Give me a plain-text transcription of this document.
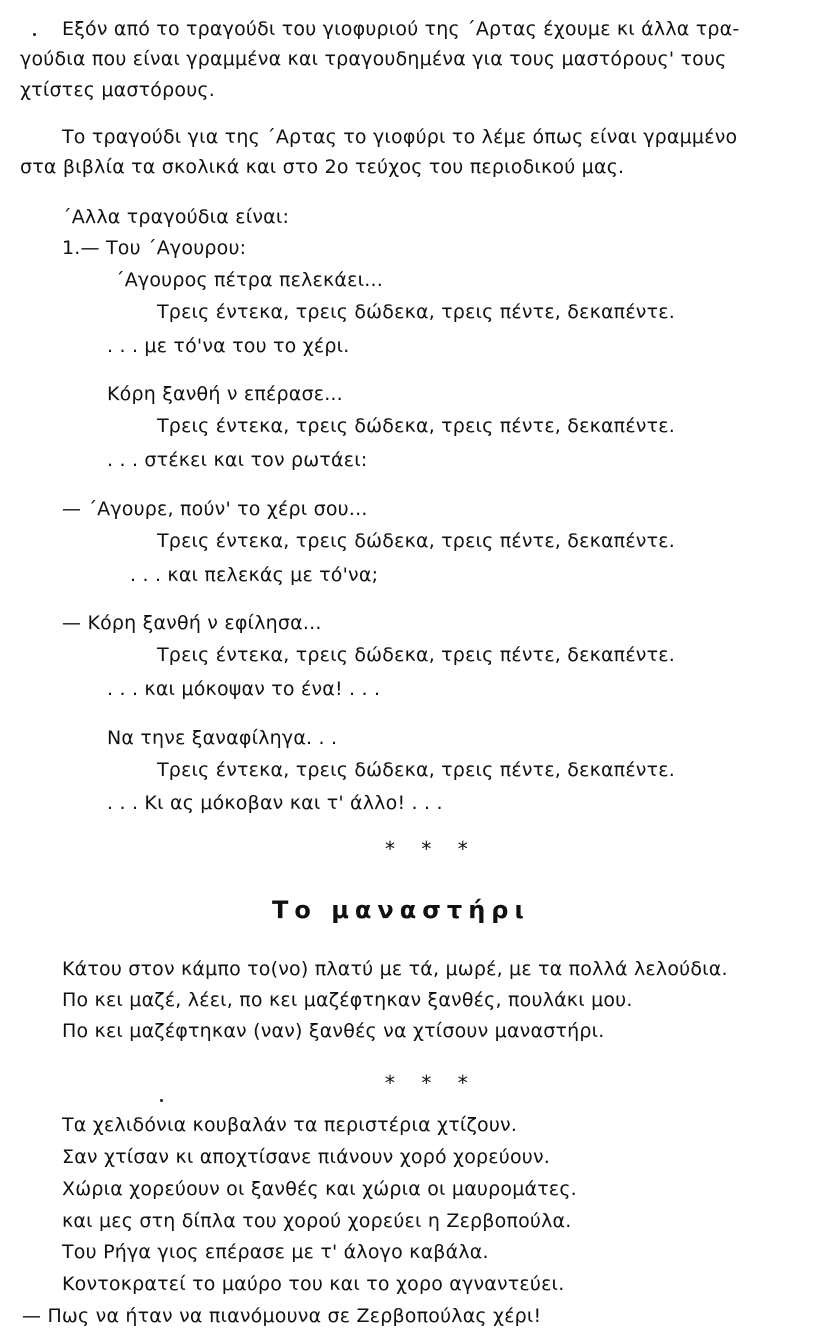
Εξόν από το τραγούδι του γιοφυριού της ΄Αρτας έχουμε κι άλλα τρα-
γούδια που είναι γραμμένα και τραγουδημένα για τους μαστόρους' τους
χτίστες μαστόρους.
Το τραγούδι για της ΄Αρτας το γιοφύρι το λέμε όπως είναι γραμμένο
στα βιβλία τα σκολικά και στο 2ο τεύχος του περιοδικού μας.
΄Αλλα τραγούδια είναι:
1.— Του ΄Αγουρου:
΄Αγουρος πέτρα πελεκάει...
Τρεις έντεκα, τρεις δώδεκα, τρεις πέντε, δεκαπέντε.
. . . με τό'να του το χέρι.
Κόρη ξανθή ν επέρασε...
Τρεις έντεκα, τρεις δώδεκα, τρεις πέντε, δεκαπέντε.
. . . στέκει και τον ρωτάει:
— ΄Αγουρε, πούν' το χέρι σου...
Τρεις έντεκα, τρεις δώδεκα, τρεις πέντε, δεκαπέντε.
. . . και πελεκάς με τό'να;
— Κόρη ξανθή ν εφίλησα...
Τρεις έντεκα, τρεις δώδεκα, τρεις πέντε, δεκαπέντε.
. . . και μόκοψαν το ένα! . . .
Να τηνε ξαναφίληγα. . .
Τρεις έντεκα, τρεις δώδεκα, τρεις πέντε, δεκαπέντε.
. . . Κι ας μόκοβαν και τ' άλλο! . . .
* * *
Το μαναστήρι
Κάτου στον κάμπο το(νο) πλατύ με τά, μωρέ, με τα πολλά λελούδια.
Πο κει μαζέ, λέει, πο κει μαζέφτηκαν ξανθές, πουλάκι μου.
Πο κει μαζέφτηκαν (ναν) ξανθές να χτίσουν μαναστήρι.
* * *
Τα χελιδόνια κουβαλάν τα περιστέρια χτίζουν.
Σαν χτίσαν κι αποχτίσανε πιάνουν χορό χορεύουν.
Χώρια χορεύουν οι ξανθές και χώρια οι μαυρομάτες.
και μες στη δίπλα του χορού χορεύει η Ζερβοπούλα.
Του Ρήγα γιος επέρασε με τ' άλογο καβάλα.
Κοντοκρατεί το μαύρο του και το χορο αγναντεύει.
— Πως να ήταν να πιανόμουνα σε Ζερβοπούλας χέρι!
